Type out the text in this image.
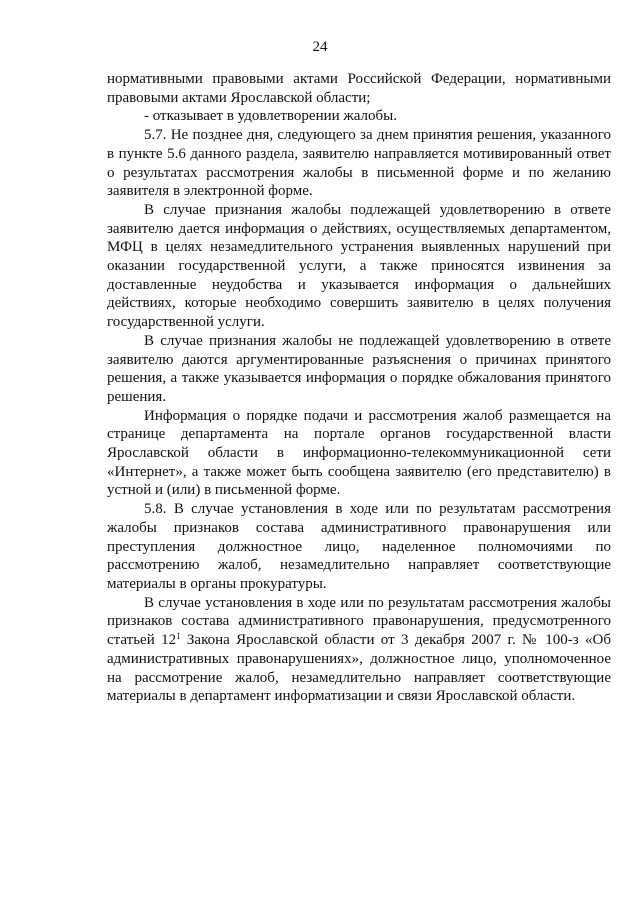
24

нормативными правовыми актами Российской Федерации, нормативными правовыми актами Ярославской области;

- отказывает в удовлетворении жалобы.

5.7. Не позднее дня, следующего за днем принятия решения, указанного в пункте 5.6 данного раздела, заявителю направляется мотивированный ответ о результатах рассмотрения жалобы в письменной форме и по желанию заявителя в электронной форме.

В случае признания жалобы подлежащей удовлетворению в ответе заявителю дается информация о действиях, осуществляемых департаментом, МФЦ в целях незамедлительного устранения выявленных нарушений при оказании государственной услуги, а также приносятся извинения за доставленные неудобства и указывается информация о дальнейших действиях, которые необходимо совершить заявителю в целях получения государственной услуги.

В случае признания жалобы не подлежащей удовлетворению в ответе заявителю даются аргументированные разъяснения о причинах принятого решения, а также указывается информация о порядке обжалования принятого решения.

Информация о порядке подачи и рассмотрения жалоб размещается на странице департамента на портале органов государственной власти Ярославской области в информационно-телекоммуникационной сети «Интернет», а также может быть сообщена заявителю (его представителю) в устной и (или) в письменной форме.

5.8. В случае установления в ходе или по результатам рассмотрения жалобы признаков состава административного правонарушения или преступления должностное лицо, наделенное полномочиями по рассмотрению жалоб, незамедлительно направляет соответствующие материалы в органы прокуратуры.

В случае установления в ходе или по результатам рассмотрения жалобы признаков состава административного правонарушения, предусмотренного статьей $12^1$ Закона Ярославской области от 3 декабря 2007 г. № 100-з «Об административных правонарушениях», должностное лицо, уполномоченное на рассмотрение жалоб, незамедлительно направляет соответствующие материалы в департамент информатизации и связи Ярославской области.
